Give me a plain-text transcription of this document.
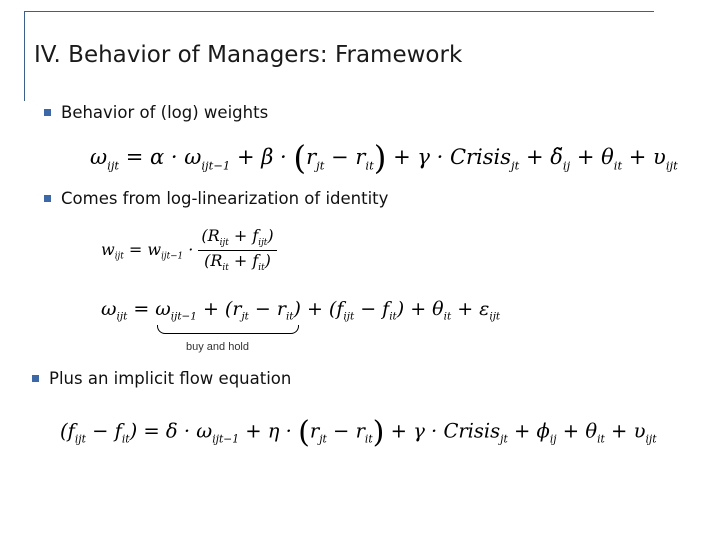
IV. Behavior of Managers: Framework
Behavior of (log) weights
$\omega_{ijt} = \alpha \cdot \omega_{ijt-1} + \beta \cdot (r_{jt} - r_{it}) + \gamma$ · Crisis$_{jt}$ + $\deltã_{ij} + \theta_{it} + \upsilon_{ijt}$
Comes from log-linearization of identity
$w_{ijt} = w_{ijt-1} \cdot \frac{(R_{ijt} + f_{ijt})}{(R_{it} + f_{it})}$
$\omega_{ijt} = \omega_{ijt-1} + (r_{jt} - r_{it})$
+ $(f_{ijt} - f_{it}) + \theta_{it} + \varepsilon_{ijt}$
buy and hold
Plus an implicit flow equation
$(f_{ijt} - f_{it}) = \delta \cdot \omega_{ijt-1} + \eta \cdot (r_{jt} - r_{it}) + \gamma$ · Crisis$_{jt}$ + $\phi_{ij} + \theta_{it} + \upsilon_{ijt}$
